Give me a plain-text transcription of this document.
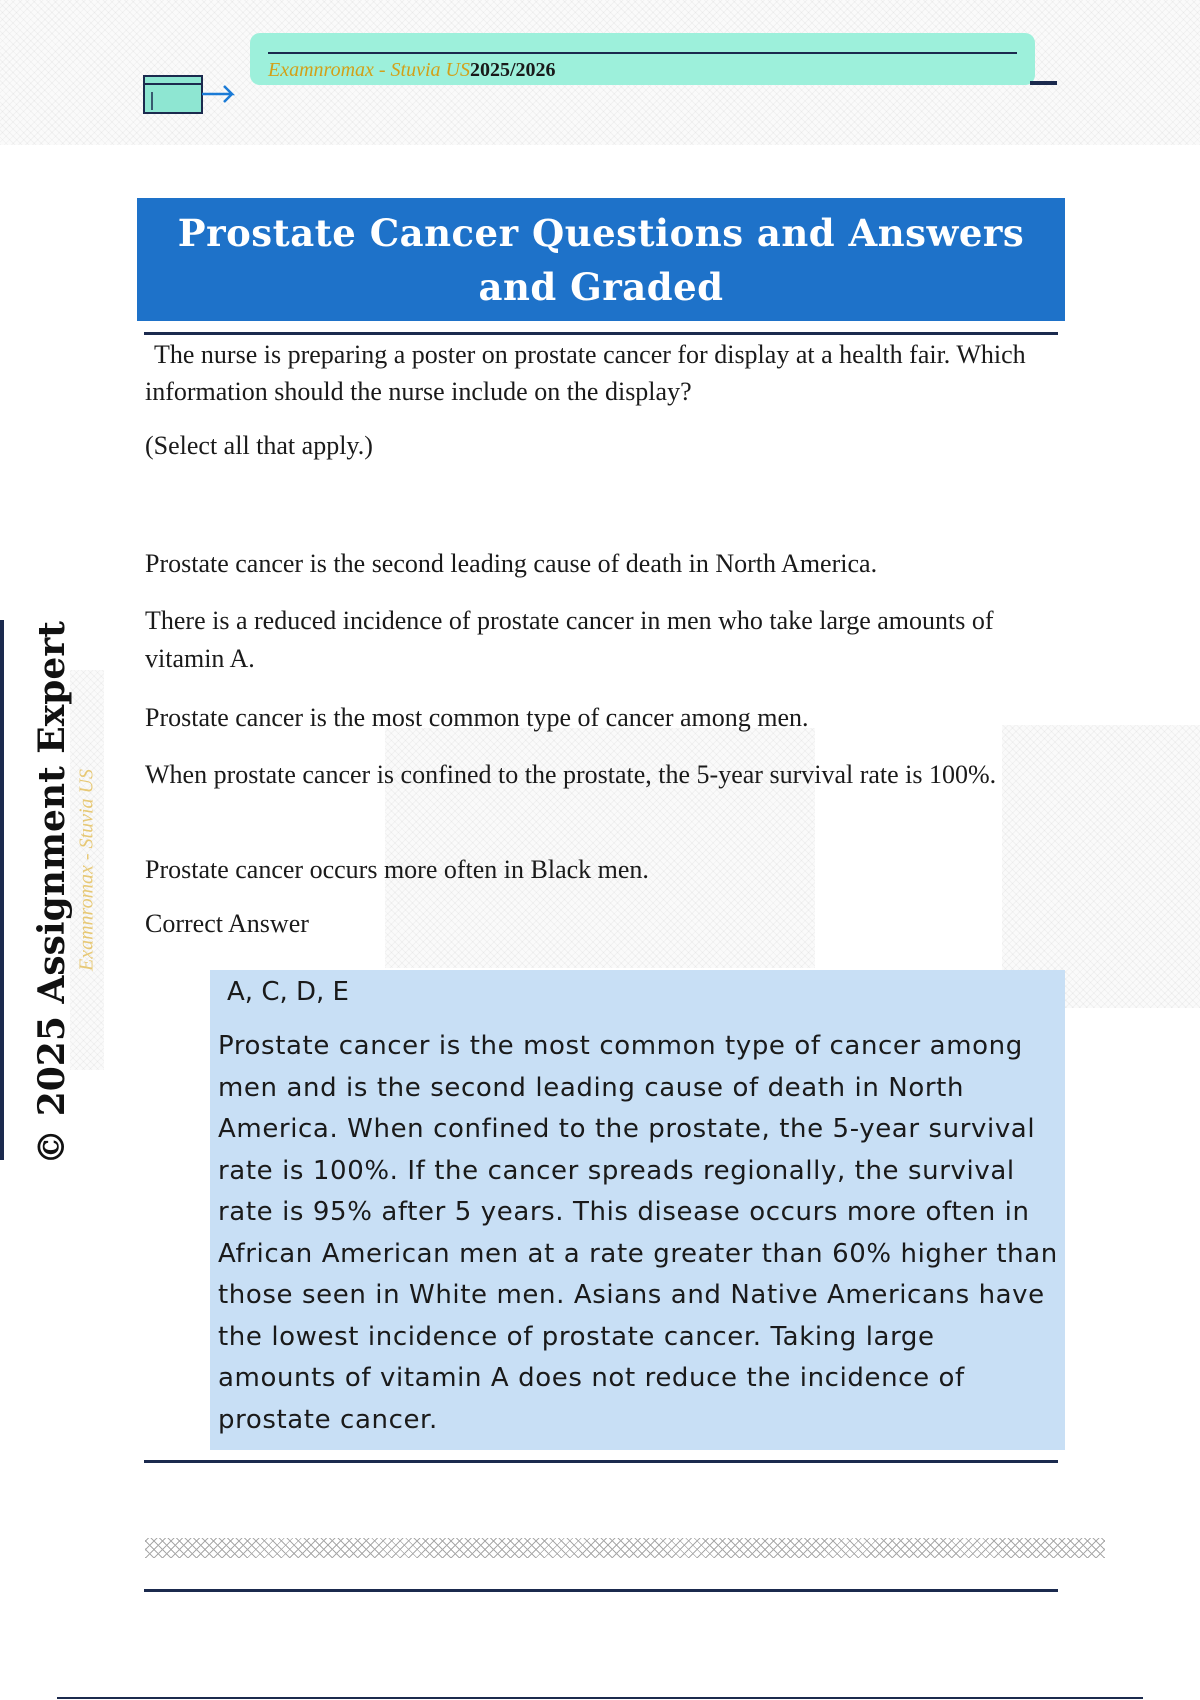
Examnromax - Stuvia US2025/2026
Prostate Cancer Questions and Answers and Graded

The nurse is preparing a poster on prostate cancer for display at a health fair. Which information should the nurse include on the display?

(Select all that apply.)

Examnromax - Stuvia US

Prostate cancer is the second leading cause of death in North America.

There is a reduced incidence of prostate cancer in men who take large amounts of vitamin A.

Prostate cancer is the most common type of cancer among men.

When prostate cancer is confined to the prostate, the 5-year survival rate is 100%.

Prostate cancer occurs more often in Black men.

Correct Answer

A, C, D, E

Prostate cancer is the most common type of cancer among men and is the second leading cause of death in North America. When confined to the prostate, the 5-year survival rate is 100%. If the cancer spreads regionally, the survival rate is 95% after 5 years. This disease occurs more often in African American men at a rate greater than 60% higher than those seen in White men. Asians and Native Americans have the lowest incidence of prostate cancer. Taking large amounts of vitamin A does not reduce the incidence of prostate cancer.

© 2025 Assignment Expert
